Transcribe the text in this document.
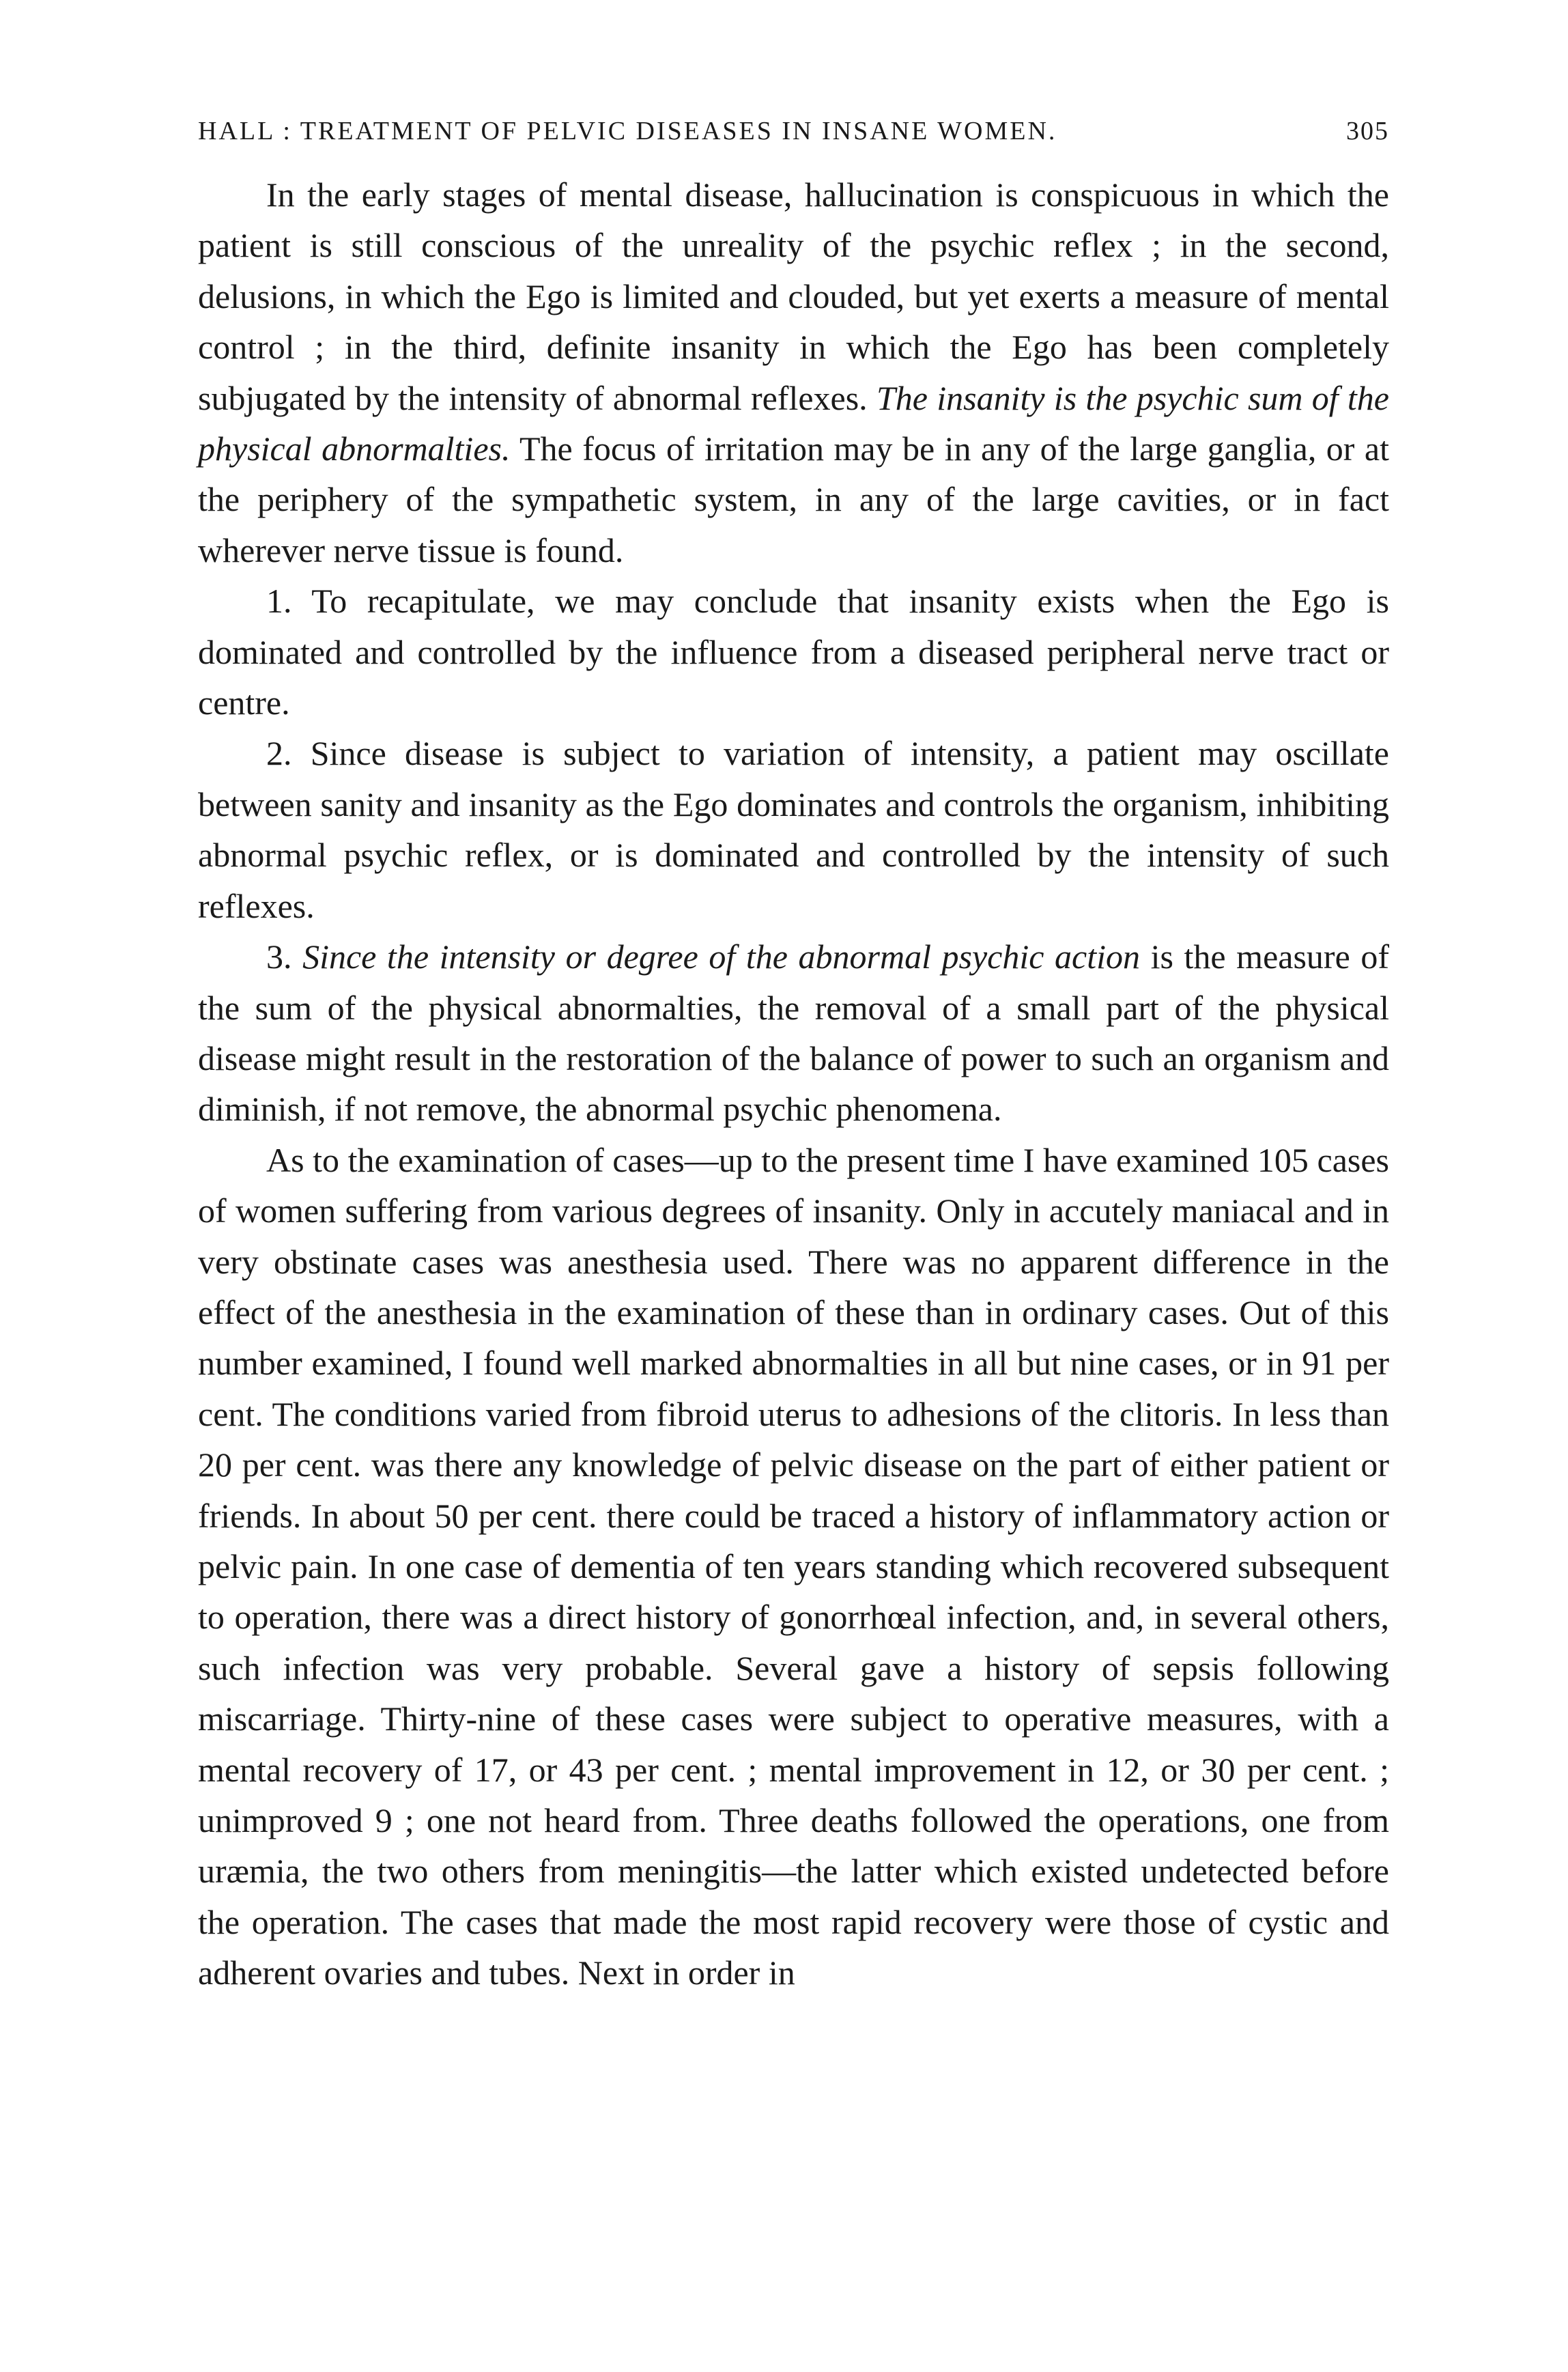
HALL : TREATMENT OF PELVIC DISEASES IN INSANE WOMEN.	305

In the early stages of mental disease, hallucination is conspicuous in which the patient is still conscious of the unreality of the psychic reflex ; in the second, delusions, in which the Ego is limited and clouded, but yet exerts a measure of mental control ; in the third, definite insanity in which the Ego has been completely subjugated by the intensity of abnormal reflexes. The insanity is the psychic sum of the physical abnormalties. The focus of irritation may be in any of the large ganglia, or at the periphery of the sympathetic system, in any of the large cavities, or in fact wherever nerve tissue is found.

1. To recapitulate, we may conclude that insanity exists when the Ego is dominated and controlled by the influence from a diseased peripheral nerve tract or centre.

2. Since disease is subject to variation of intensity, a patient may oscillate between sanity and insanity as the Ego dominates and controls the organism, inhibiting abnormal psychic reflex, or is dominated and controlled by the intensity of such reflexes.

3. Since the intensity or degree of the abnormal psychic action is the measure of the sum of the physical abnormalties, the removal of a small part of the physical disease might result in the restoration of the balance of power to such an organism and diminish, if not remove, the abnormal psychic phenomena.

As to the examination of cases—up to the present time I have examined 105 cases of women suffering from various degrees of insanity. Only in accutely maniacal and in very obstinate cases was anesthesia used. There was no apparent difference in the effect of the anesthesia in the examination of these than in ordinary cases. Out of this number examined, I found well marked abnormalties in all but nine cases, or in 91 per cent. The conditions varied from fibroid uterus to adhesions of the clitoris. In less than 20 per cent. was there any knowledge of pelvic disease on the part of either patient or friends. In about 50 per cent. there could be traced a history of inflammatory action or pelvic pain. In one case of dementia of ten years standing which recovered subsequent to operation, there was a direct history of gonorrhœal infection, and, in several others, such infection was very probable. Several gave a history of sepsis following miscarriage. Thirty-nine of these cases were subject to operative measures, with a mental recovery of 17, or 43 per cent. ; mental improvement in 12, or 30 per cent. ; unimproved 9 ; one not heard from. Three deaths followed the operations, one from uræmia, the two others from meningitis—the latter which existed undetected before the operation. The cases that made the most rapid recovery were those of cystic and adherent ovaries and tubes. Next in order in
